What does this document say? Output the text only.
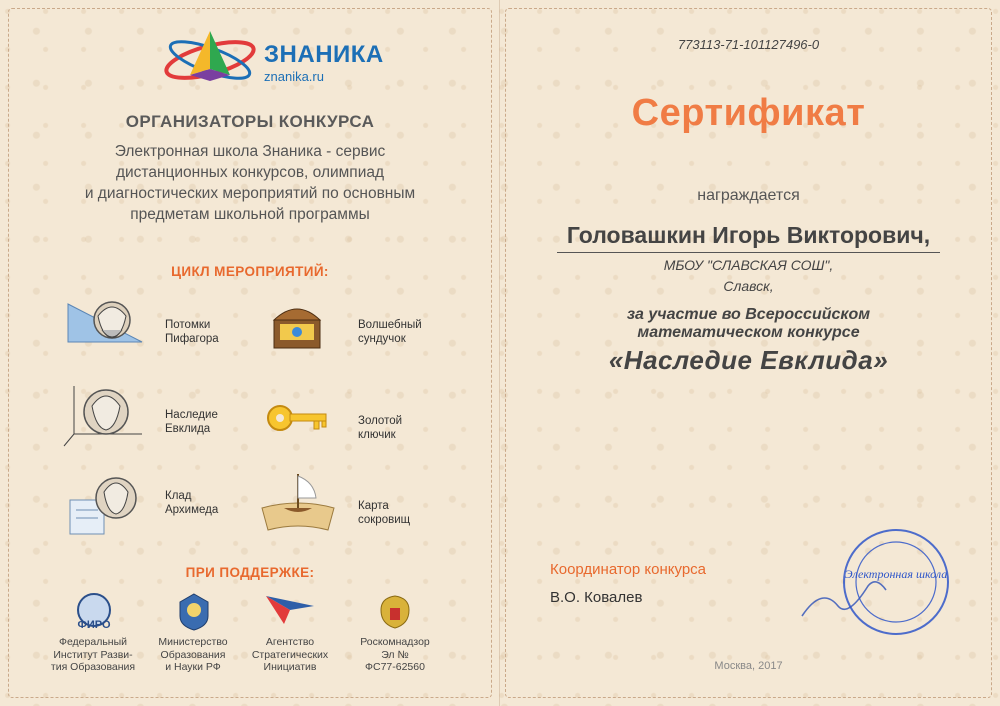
ЗНАНИКА
znanika.ru
ОРГАНИЗАТОРЫ КОНКУРСА
Электронная школа Знаника - сервис
дистанционных конкурсов, олимпиад
и диагностических мероприятий по основным
предметам школьной программы
ЦИКЛ МЕРОПРИЯТИЙ:
Потомки
Пифагора
Волшебный
сундучок
Наследие
Евклида
Золотой
ключик
Клад
Архимеда	Карта
сокровищ
ПРИ ПОДДЕРЖКЕ:
ФИРО
Федеральный
Институт Разви-
тия Образования
Министерство
Образования
и Науки РФ
Агентство
Стратегических
Инициатив
Роскомнадзор
Эл №
ФС77-62560
773113-71-101127496-0
Сертификат
награждается
Головашкин Игорь Викторович,
МБОУ "СЛАВСКАЯ СОШ",
Славск,
за участие во Всероссийском
математическом конкурсе
«Наследие Евклида»
Координатор конкурса
В.О. Ковалев
Электронная школа
Москва, 2017
